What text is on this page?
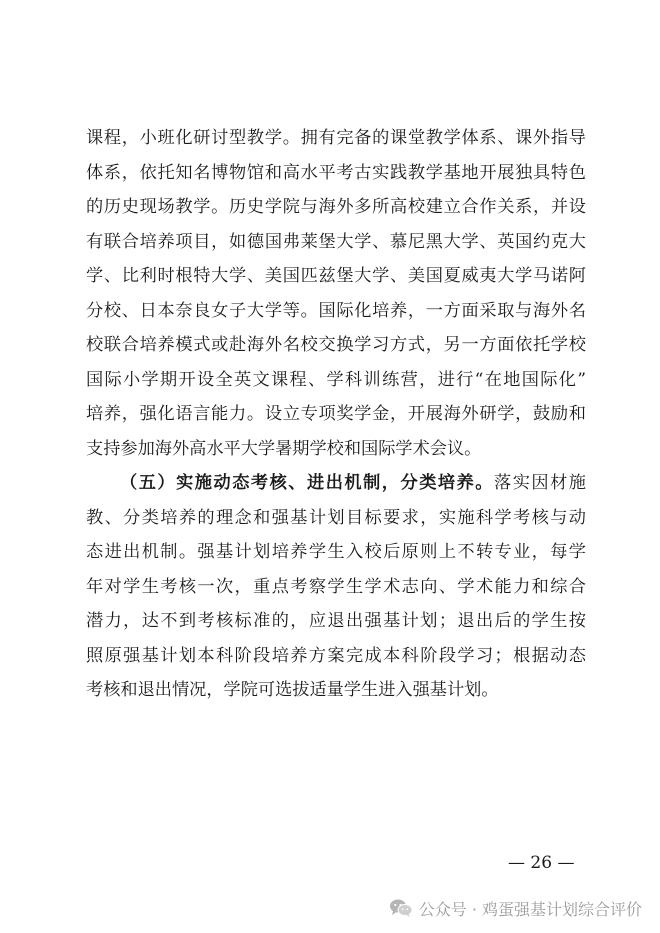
课程，小班化研讨型教学。拥有完备的课堂教学体系、课外指导
体系，依托知名博物馆和高水平考古实践教学基地开展独具特色
的历史现场教学。历史学院与海外多所高校建立合作关系，并设
有联合培养项目，如德国弗莱堡大学、慕尼黑大学、英国约克大
学、比利时根特大学、美国匹兹堡大学、美国夏威夷大学马诺阿
分校、日本奈良女子大学等。国际化培养，一方面采取与海外名
校联合培养模式或赴海外名校交换学习方式，另一方面依托学校
国际小学期开设全英文课程、学科训练营，进行“在地国际化”
培养，强化语言能力。设立专项奖学金，开展海外研学，鼓励和
支持参加海外高水平大学暑期学校和国际学术会议。
（五）实施动态考核、进出机制，分类培养。落实因材施
教、分类培养的理念和强基计划目标要求，实施科学考核与动
态进出机制。强基计划培养学生入校后原则上不转专业，每学
年对学生考核一次，重点考察学生学术志向、学术能力和综合
潜力，达不到考核标准的，应退出强基计划；退出后的学生按
照原强基计划本科阶段培养方案完成本科阶段学习；根据动态
考核和退出情况，学院可选拔适量学生进入强基计划。
— 26 —
公众号 · 鸡蛋强基计划综合评价
